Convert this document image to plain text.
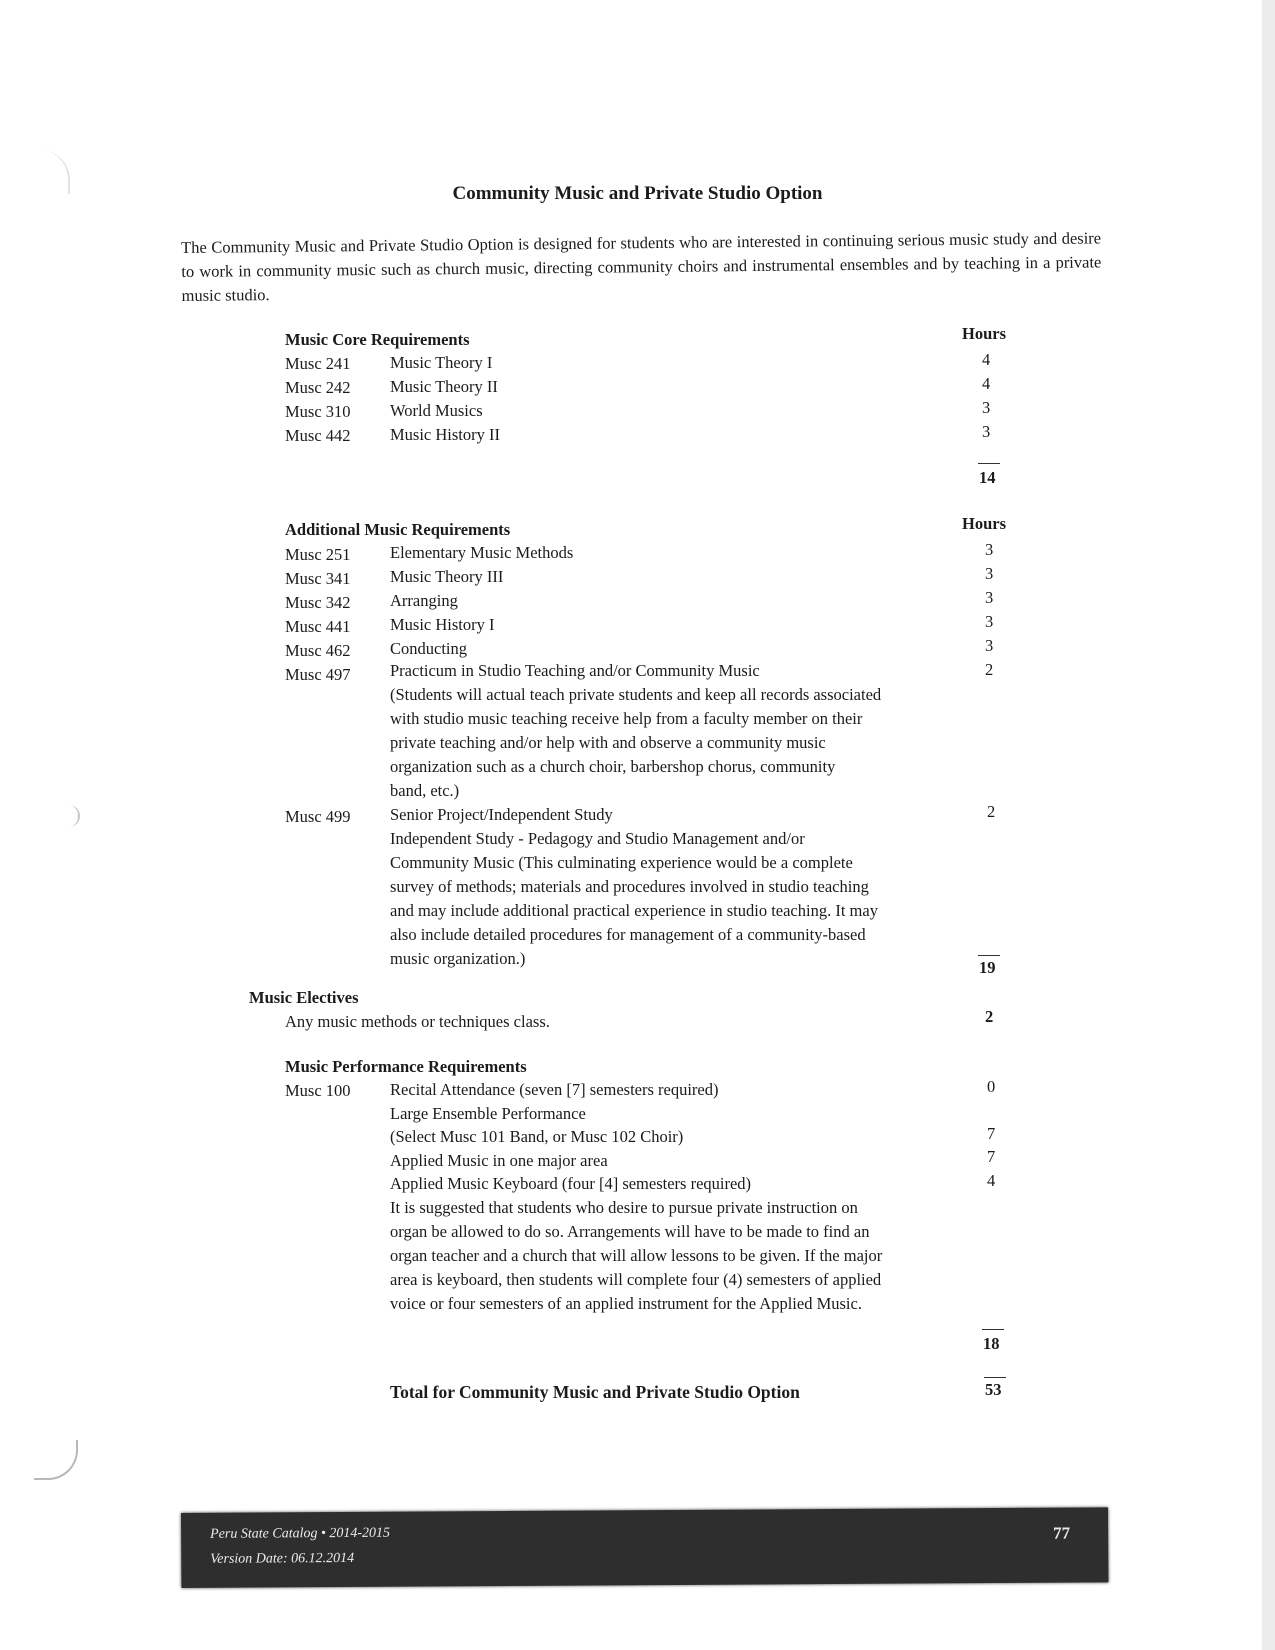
Community Music and Private Studio Option
The Community Music and Private Studio Option is designed for students who are interested in continuing serious music study and desire to work in community music such as church music, directing community choirs and instrumental ensembles and by teaching in a private music studio.
Music Core Requirements	Hours
Musc 241 Music Theory I	4
Musc 242 Music Theory II	4
Musc 310 World Musics	3
Musc 442 Music History II	3
14
Additional Music Requirements	Hours
Musc 251 Elementary Music Methods	3
Musc 341 Music Theory III	3
Musc 342 Arranging	3
Musc 441 Music History I	3
Musc 462 Conducting	3
Musc 497 Practicum in Studio Teaching and/or Community Music	2
(Students will actual teach private students and keep all records associated
with studio music teaching receive help from a faculty member on their
private teaching and/or help with and observe a community music
organization such as a church choir, barbershop chorus, community
band, etc.)
Musc 499 Senior Project/Independent Study	2
Independent Study - Pedagogy and Studio Management and/or
Community Music (This culminating experience would be a complete
survey of methods; materials and procedures involved in studio teaching
and may include additional practical experience in studio teaching. It may
also include detailed procedures for management of a community-based
music organization.)	19
Music Electives
Any music methods or techniques class.	2
Music Performance Requirements
Musc 100 Recital Attendance (seven [7] semesters required)	0
Large Ensemble Performance
(Select Musc 101 Band, or Musc 102 Choir)	7
Applied Music in one major area	7
Applied Music Keyboard (four [4] semesters required)	4
It is suggested that students who desire to pursue private instruction on
organ be allowed to do so. Arrangements will have to be made to find an
organ teacher and a church that will allow lessons to be given. If the major
area is keyboard, then students will complete four (4) semesters of applied
voice or four semesters of an applied instrument for the Applied Music.
18
Total for Community Music and Private Studio Option	53
Peru State Catalog • 2014-2015
Version Date: 06.12.2014
77
